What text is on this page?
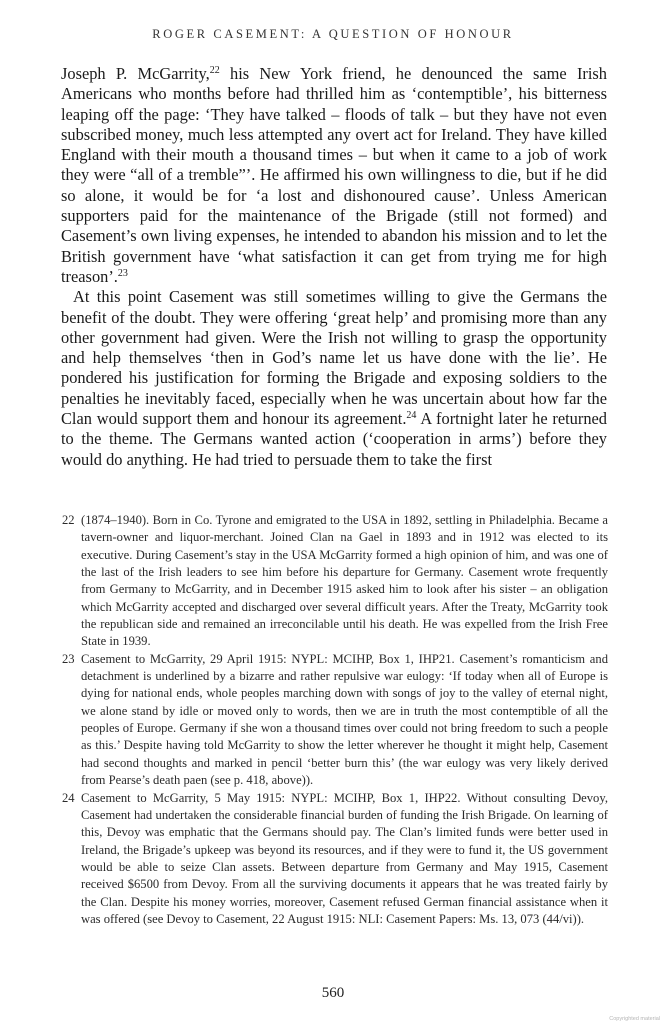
ROGER CASEMENT: A QUESTION OF HONOUR

Joseph P. McGarrity,$^{22}$ his New York friend, he denounced the same Irish Americans who months before had thrilled him as ‘contemptible’, his bitterness leaping off the page: ‘They have talked – floods of talk – but they have not even subscribed money, much less attempted any overt act for Ireland. They have killed England with their mouth a thousand times – but when it came to a job of work they were “all of a tremble”’. He affirmed his own willingness to die, but if he did so alone, it would be for ‘a lost and dishonoured cause’. Unless American supporters paid for the maintenance of the Brigade (still not formed) and Casement’s own living expenses, he intended to abandon his mission and to let the British government have ‘what satisfaction it can get from trying me for high treason’.$^{23}$

At this point Casement was still sometimes willing to give the Germans the benefit of the doubt. They were offering ‘great help’ and promising more than any other government had given. Were the Irish not willing to grasp the opportunity and help themselves ‘then in God’s name let us have done with the lie’. He pondered his justification for forming the Brigade and exposing soldiers to the penalties he inevitably faced, especially when he was uncertain about how far the Clan would support them and honour its agreement.$^{24}$ A fortnight later he returned to the theme. The Germans wanted action (‘cooperation in arms’) before they would do anything. He had tried to persuade them to take the first

22 (1874–1940). Born in Co. Tyrone and emigrated to the USA in 1892, settling in Philadelphia. Became a tavern-owner and liquor-merchant. Joined Clan na Gael in 1893 and in 1912 was elected to its executive. During Casement’s stay in the USA McGarrity formed a high opinion of him, and was one of the last of the Irish leaders to see him before his departure for Germany. Casement wrote frequently from Germany to McGarrity, and in December 1915 asked him to look after his sister – an obligation which McGarrity accepted and discharged over several difficult years. After the Treaty, McGarrity took the republican side and remained an irreconcilable until his death. He was expelled from the Irish Free State in 1939.
23 Casement to McGarrity, 29 April 1915: NYPL: MCIHP, Box 1, IHP21. Casement’s romanticism and detachment is underlined by a bizarre and rather repulsive war eulogy: ‘If today when all of Europe is dying for national ends, whole peoples marching down with songs of joy to the valley of eternal night, we alone stand by idle or moved only to words, then we are in truth the most contemptible of all the peoples of Europe. Germany if she won a thousand times over could not bring freedom to such a people as this.’ Despite having told McGarrity to show the letter wherever he thought it might help, Casement had second thoughts and marked in pencil ‘better burn this’ (the war eulogy was very likely derived from Pearse’s death paen (see p. 418, above)).
24 Casement to McGarrity, 5 May 1915: NYPL: MCIHP, Box 1, IHP22. Without consulting Devoy, Casement had undertaken the considerable financial burden of funding the Irish Brigade. On learning of this, Devoy was emphatic that the Germans should pay. The Clan’s limited funds were better used in Ireland, the Brigade’s upkeep was beyond its resources, and if they were to fund it, the US government would be able to seize Clan assets. Between departure from Germany and May 1915, Casement received $6500 from Devoy. From all the surviving documents it appears that he was treated fairly by the Clan. Despite his money worries, moreover, Casement refused German financial assistance when it was offered (see Devoy to Casement, 22 August 1915: NLI: Casement Papers: Ms. 13, 073 (44/vi)).
560
Copyrighted material
